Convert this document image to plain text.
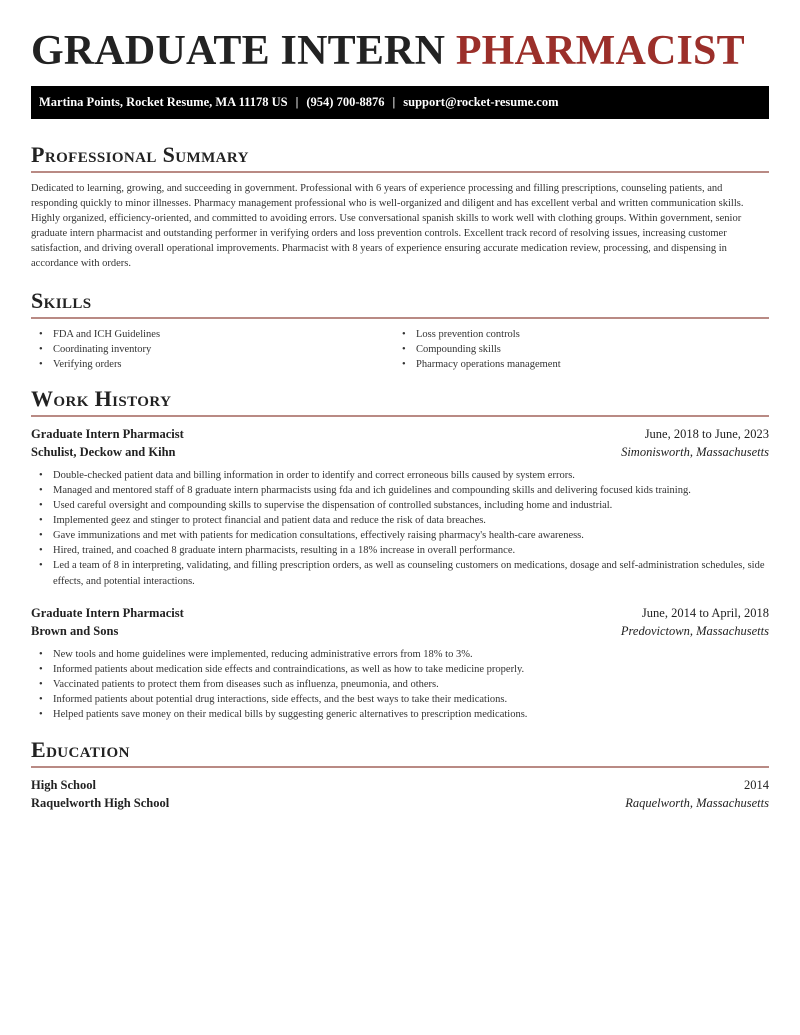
GRADUATE INTERN PHARMACIST
Martina Points, Rocket Resume, MA 11178 US | (954) 700-8876 | support@rocket-resume.com
Professional Summary

Dedicated to learning, growing, and succeeding in government. Professional with 6 years of experience processing and filling prescriptions, counseling patients, and responding quickly to minor illnesses. Pharmacy management professional who is well-organized and diligent and has excellent verbal and written communication skills. Highly organized, efficiency-oriented, and committed to avoiding errors. Use conversational spanish skills to work well with clothing groups. Within government, senior graduate intern pharmacist and outstanding performer in verifying orders and loss prevention controls. Excellent track record of resolving issues, increasing customer satisfaction, and driving overall operational improvements. Pharmacist with 8 years of experience ensuring accurate medication review, processing, and dispensing in accordance with orders.

Skills
• FDA and ICH Guidelines
• Coordinating inventory
• Verifying orders
• Loss prevention controls
• Compounding skills
• Pharmacy operations management
Work History
Graduate Intern Pharmacist	June, 2018 to June, 2023
Schulist, Deckow and Kihn	Simonisworth, Massachusetts
• Double-checked patient data and billing information in order to identify and correct erroneous bills caused by system errors.
• Managed and mentored staff of 8 graduate intern pharmacists using fda and ich guidelines and compounding skills and delivering focused kids training.
• Used careful oversight and compounding skills to supervise the dispensation of controlled substances, including home and industrial.
• Implemented geez and stinger to protect financial and patient data and reduce the risk of data breaches.
• Gave immunizations and met with patients for medication consultations, effectively raising pharmacy's health-care awareness.
• Hired, trained, and coached 8 graduate intern pharmacists, resulting in a 18% increase in overall performance.
• Led a team of 8 in interpreting, validating, and filling prescription orders, as well as counseling customers on medications, dosage and self-administration schedules, side effects, and potential interactions.
Graduate Intern Pharmacist	June, 2014 to April, 2018
Brown and Sons	Predovictown, Massachusetts
• New tools and home guidelines were implemented, reducing administrative errors from 18% to 3%.
• Informed patients about medication side effects and contraindications, as well as how to take medicine properly.
• Vaccinated patients to protect them from diseases such as influenza, pneumonia, and others.
• Informed patients about potential drug interactions, side effects, and the best ways to take their medications.
• Helped patients save money on their medical bills by suggesting generic alternatives to prescription medications.
Education
High School	2014
Raquelworth High School	Raquelworth, Massachusetts
